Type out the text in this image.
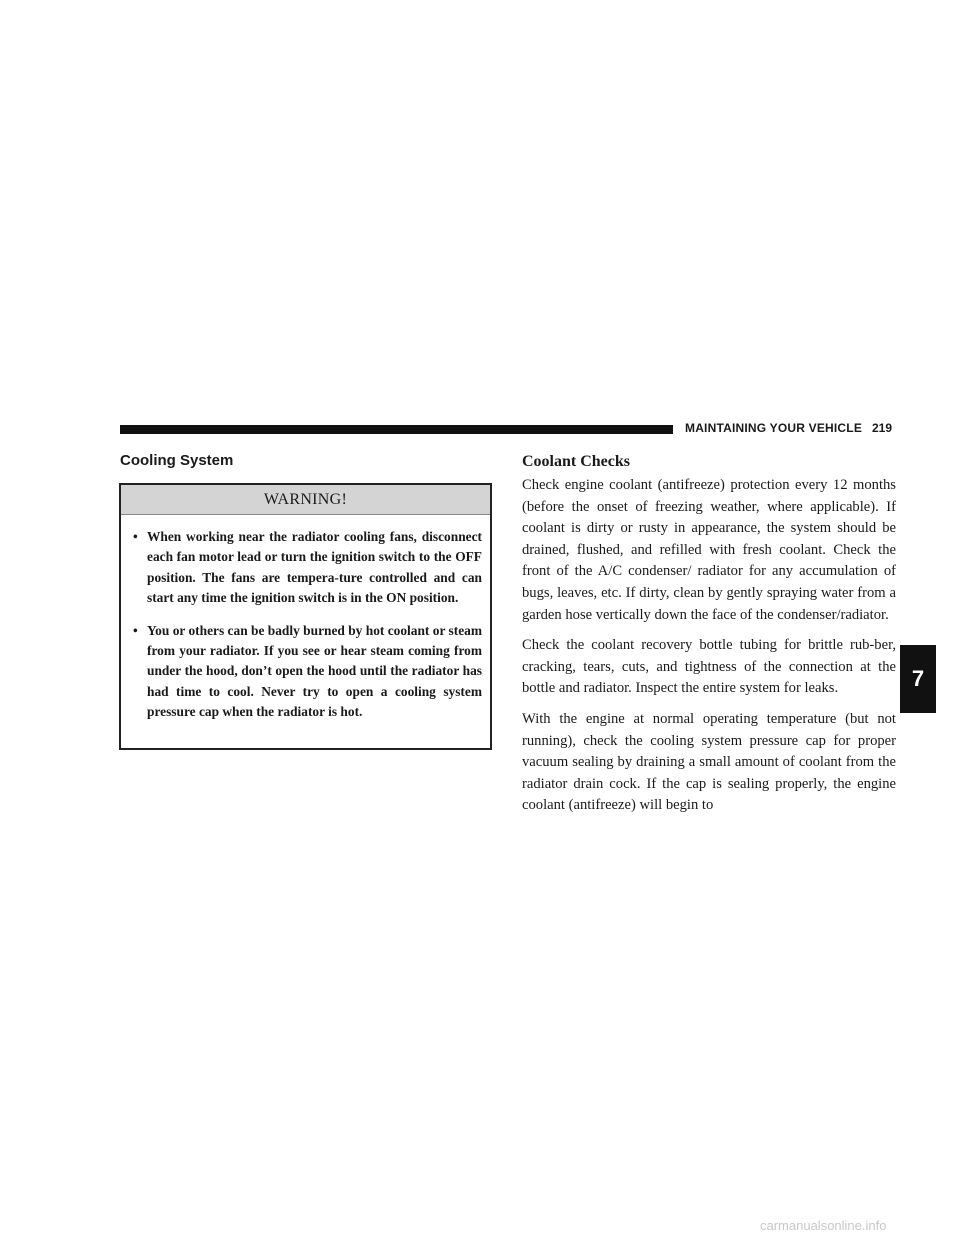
MAINTAINING YOUR VEHICLE 219
Cooling System
WARNING!
• When working near the radiator cooling fans, disconnect each fan motor lead or turn the ignition switch to the OFF position. The fans are tempera-ture controlled and can start any time the ignition switch is in the ON position.
• You or others can be badly burned by hot coolant or steam from your radiator. If you see or hear steam coming from under the hood, don’t open the hood until the radiator has had time to cool. Never try to open a cooling system pressure cap when the radiator is hot.
Coolant Checks

Check engine coolant (antifreeze) protection every 12 months (before the onset of freezing weather, where applicable). If coolant is dirty or rusty in appearance, the system should be drained, flushed, and refilled with fresh coolant. Check the front of the A/C condenser/ radiator for any accumulation of bugs, leaves, etc. If dirty, clean by gently spraying water from a garden hose vertically down the face of the condenser/radiator.

Check the coolant recovery bottle tubing for brittle rub-ber, cracking, tears, cuts, and tightness of the connection at the bottle and radiator. Inspect the entire system for leaks.

With the engine at normal operating temperature (but not running), check the cooling system pressure cap for proper vacuum sealing by draining a small amount of coolant from the radiator drain cock. If the cap is sealing properly, the engine coolant (antifreeze) will begin to

7
carmanualsonline.info
